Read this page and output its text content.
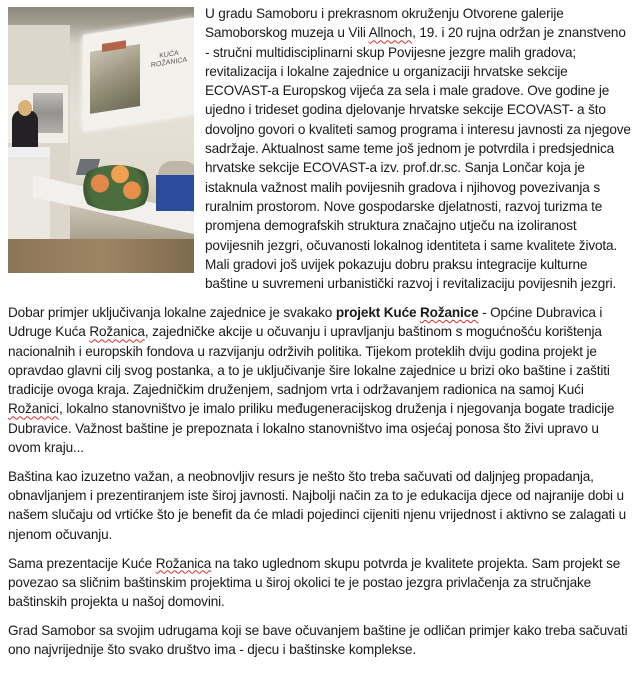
KUĆA ROŽANICA

U gradu Samoboru i prekrasnom okruženju Otvorene galerije Samoborskog muzeja u Vili Allnoch, 19. i 20 rujna održan je znanstveno - stručni multidisciplinarni skup Povijesne jezgre malih gradova; revitalizacija i lokalne zajednice u organizaciji hrvatske sekcije ECOVAST-a Europskog vijeća za sela i male gradove. Ove godine je ujedno i trideset godina djelovanje hrvatske sekcije ECOVAST- a što dovoljno govori o kvaliteti samog programa i interesu javnosti za njegove sadržaje. Aktualnost same teme još jednom je potvrdila i predsjednica hrvatske sekcije ECOVAST-a izv. prof.dr.sc. Sanja Lončar koja je istaknula važnost malih povijesnih gradova i njihovog povezivanja s ruralnim prostorom. Nove gospodarske djelatnosti, razvoj turizma te promjena demografskih struktura značajno utječu na izoliranost povijesnih jezgri, očuvanosti lokalnog identiteta i same kvalitete života. Mali gradovi još uvijek pokazuju dobru praksu integracije kulturne baštine u suvremeni urbanistički razvoj i revitalizaciju povijesnih jezgri.

Dobar primjer uključivanja lokalne zajednice je svakako projekt Kuće Rožanice - Općine Dubravica i Udruge Kuća Rožanica, zajedničke akcije u očuvanju i upravljanju baštinom s mogućnošću korištenja nacionalnih i europskih fondova u razvijanju održivih politika. Tijekom proteklih dviju godina projekt je opravdao glavni cilj svog postanka, a to je uključivanje šire lokalne zajednice u brizi oko baštine i zaštiti tradicije ovoga kraja. Zajedničkim druženjem, sadnjom vrta i održavanjem radionica na samoj Kući Rožanici, lokalno stanovništvo je imalo priliku međugeneracijskog druženja i njegovanja bogate tradicije Dubravice. Važnost baštine je prepoznata i lokalno stanovništvo ima osjećaj ponosa što živi upravo u ovom kraju...

Baština kao izuzetno važan, a neobnovljiv resurs je nešto što treba sačuvati od daljnjeg propadanja, obnavljanjem i prezentiranjem iste široj javnosti. Najbolji način za to je edukacija djece od najranije dobi u našem slučaju od vrtićke što je benefit da će mladi pojedinci cijeniti njenu vrijednost i aktivno se zalagati u njenom očuvanju.

Sama prezentacije Kuće Rožanica na tako uglednom skupu potvrda je kvalitete projekta. Sam projekt se povezao sa sličnim baštinskim projektima u široj okolici te je postao jezgra privlačenja za stručnjake baštinskih projekta u našoj domovini.

Grad Samobor sa svojim udrugama koji se bave očuvanjem baštine je odličan primjer kako treba sačuvati ono najvrijednije što svako društvo ima - djecu i baštinske komplekse.
